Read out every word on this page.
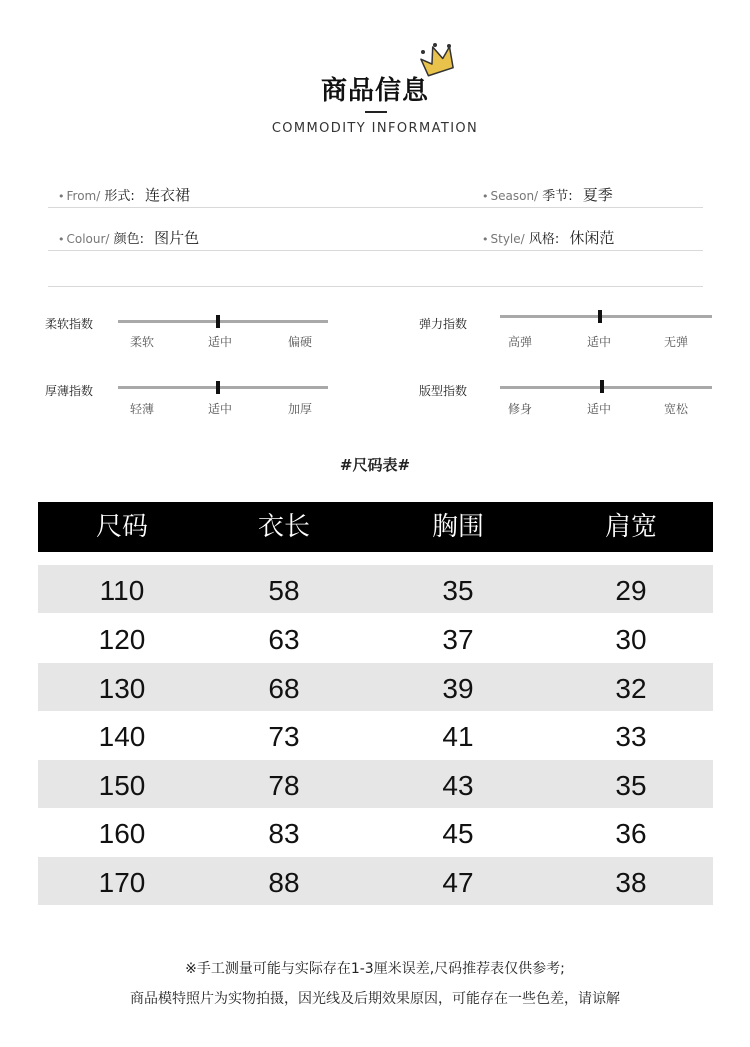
商品信息
COMMODITY INFORMATION
• From/ 形式: 连衣裙	• Season/ 季节: 夏季
• Colour/ 颜色: 图片色	• Style/ 风格: 休闲范
柔软指数
柔软	适中	偏硬
厚薄指数
轻薄	适中	加厚
弹力指数
高弹	适中	无弹
版型指数
修身	适中	宽松
#尺码表#
尺码	衣长	胸围	肩宽
110	58	35	29
120	63	37	30
130	68	39	32
140	73	41	33
150	78	43	35
160	83	45	36
170	88	47	38
※手工测量可能与实际存在1-3厘米误差,尺码推荐表仅供参考;
商品模特照片为实物拍摄，因光线及后期效果原因，可能存在一些色差，请谅解
